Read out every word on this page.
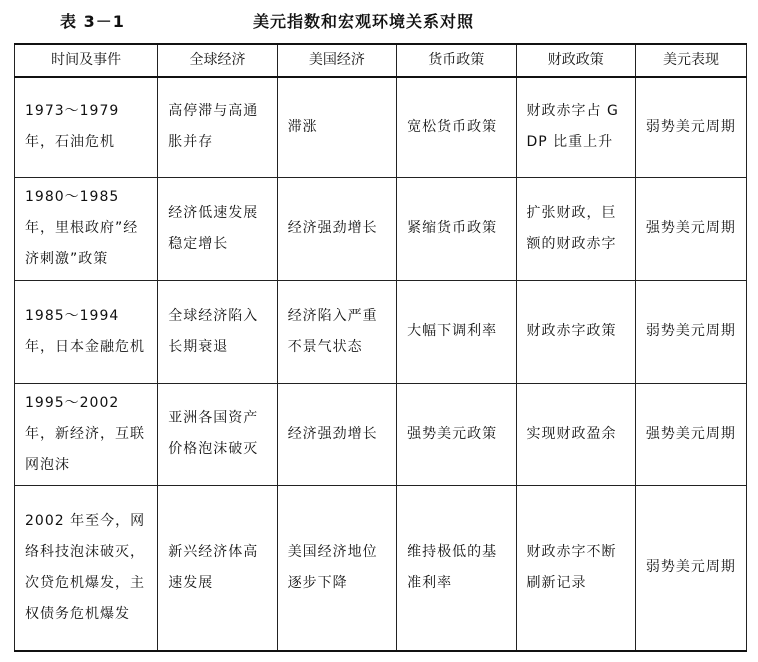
表 3－1	美元指数和宏观环境关系对照
时间及事件	全球经济	美国经济	货币政策	财政政策	美元表现

1973～1979 年，石油危机	高停滞与高通胀并存	滞涨	宽松货币政策	财政赤字占 GDP 比重上升	弱势美元周期

1980～1985 年，里根政府”经济刺激”政策	经济低速发展稳定增长	经济强劲增长	紧缩货币政策	扩张财政，巨额的财政赤字	强势美元周期

1985～1994 年，日本金融危机	全球经济陷入长期衰退	经济陷入严重不景气状态	大幅下调利率	财政赤字政策	弱势美元周期

1995～2002 年，新经济，互联网泡沫	亚洲各国资产价格泡沫破灭	经济强劲增长	强势美元政策	实现财政盈余	强势美元周期

2002 年至今，网络科技泡沫破灭，次贷危机爆发，主权债务危机爆发	新兴经济体高速发展	美国经济地位逐步下降	维持极低的基准利率	财政赤字不断刷新记录	弱势美元周期
